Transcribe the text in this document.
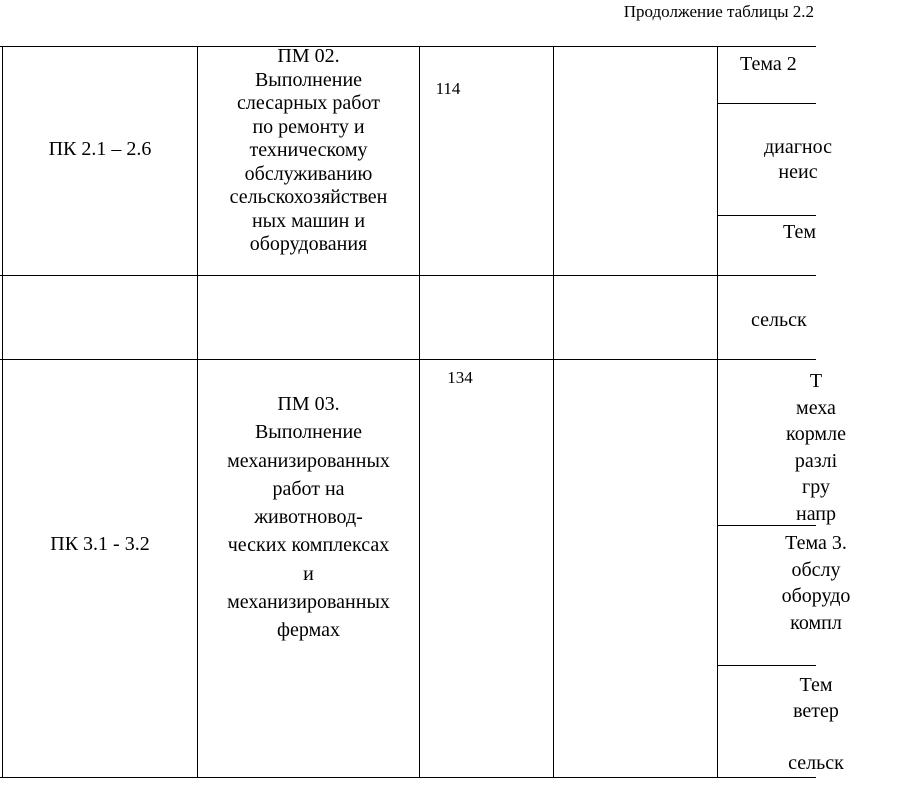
Продолжение таблицы 2.2
ПК 2.1 – 2.6
ПМ 02.
Выполнение
слесарных работ
по ремонту и
техническому
обслуживанию
сельскохозяйствен
ных машин и
оборудования
114
Тема 2
диагнос
неис
Тем
сельск
ПК 3.1 - 3.2
ПМ 03.
Выполнение
механизированных
работ на
животновод-
ческих комплексах
и
механизированных
фермах
134	Т
меха
кормле
разлі
гру
напр
Тема 3.
обслу
оборудо
компл
Тем
ветер

сельск
